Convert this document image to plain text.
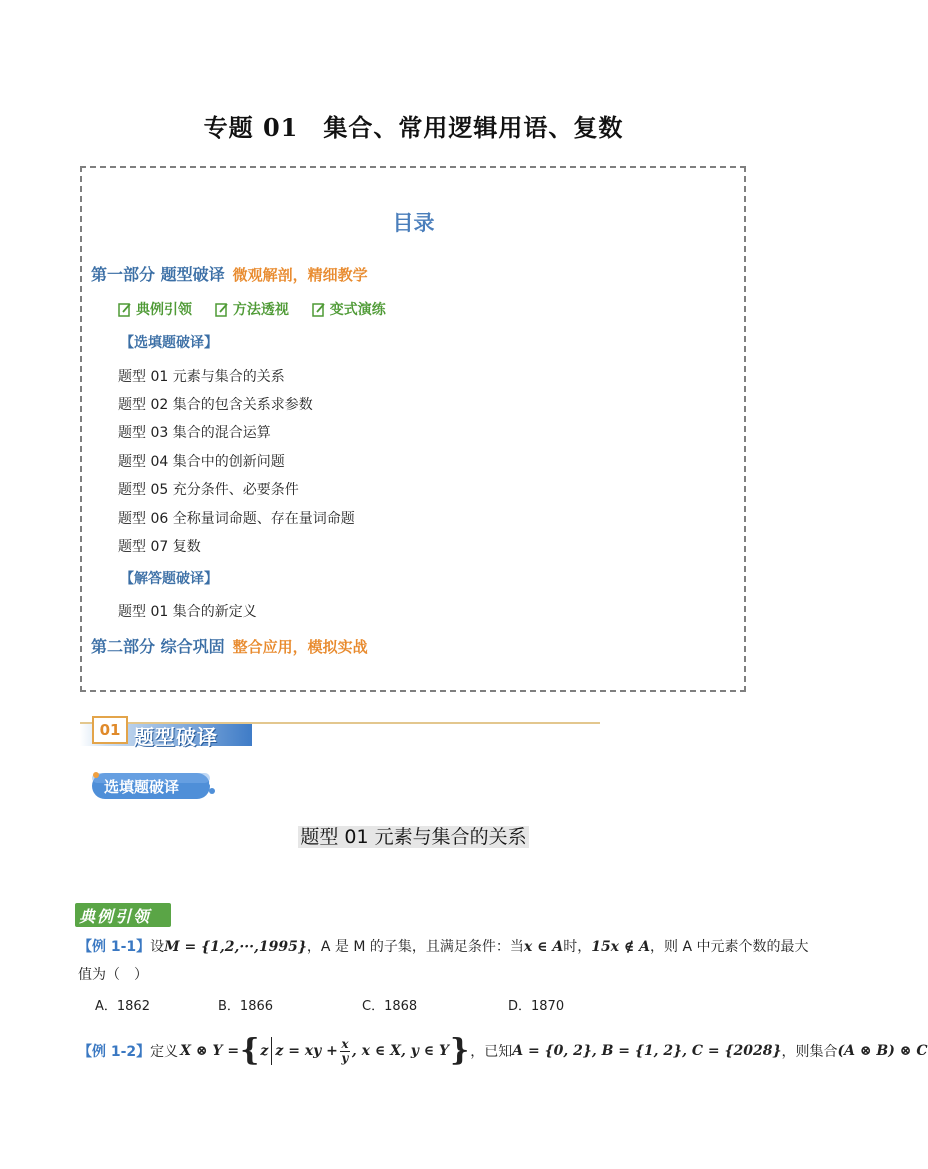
专题 01　集合、常用逻辑用语、复数
目录
第一部分 题型破译 微观解剖，精细教学
典例引领
	方法透视
	变式演练
【选填题破译】
题型 01 元素与集合的关系
题型 02 集合的包含关系求参数
题型 03 集合的混合运算
题型 04 集合中的创新问题
题型 05 充分条件、必要条件
题型 06 全称量词命题、存在量词命题
题型 07 复数
【解答题破译】
题型 01 集合的新定义
第二部分 综合巩固 整合应用，模拟实战
01 题型破译
选填题破译
题型 01 元素与集合的关系
典例引领
【例 1-1】设M = {1,2,···,1995}，A 是 M 的子集，且满足条件：当x ∈ A时，15x ∉ A，则 A 中元素个数的最大
值为（　）
A．1862	B．1866	C．1868	D．1870
【例 1-2】 定义 X ⊗ Y = { z z = xy + x
y , x ∈ X, y ∈ Y } ，已知 A = {0, 2}, B = {1, 2}, C = {2028} ，则集合 (A ⊗ B) ⊗ C
